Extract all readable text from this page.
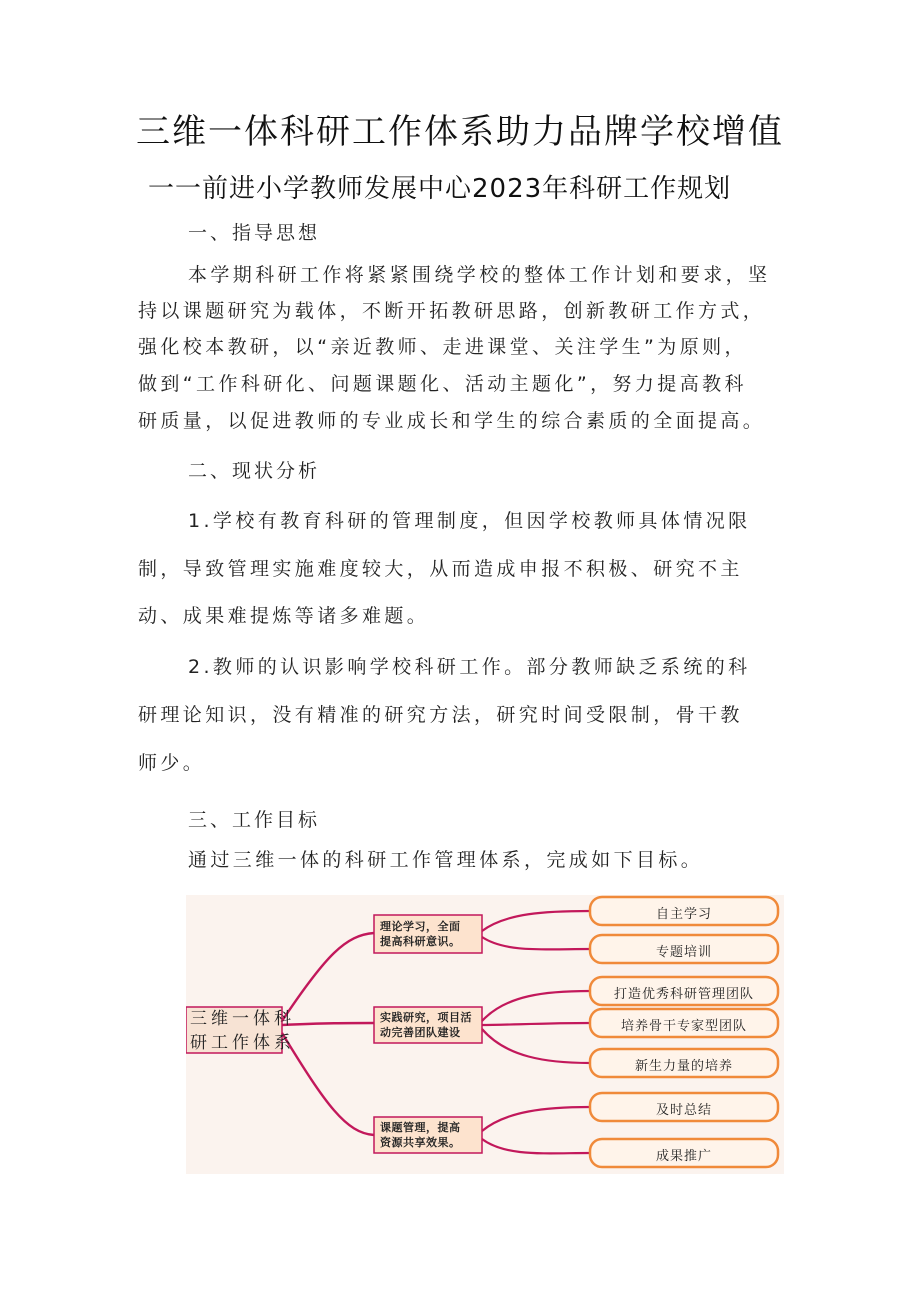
三维一体科研工作体系助力品牌学校增值
一一前进小学教师发展中心2023年科研工作规划
一、指导思想
本学期科研工作将紧紧围绕学校的整体工作计划和要求，坚
持以课题研究为载体，不断开拓教研思路，创新教研工作方式，
强化校本教研，以“亲近教师、走进课堂、关注学生”为原则，
做到“工作科研化、问题课题化、活动主题化”，努力提高教科
研质量，以促进教师的专业成长和学生的综合素质的全面提高。
二、现状分析
1.学校有教育科研的管理制度，但因学校教师具体情况限
制，导致管理实施难度较大，从而造成申报不积极、研究不主
动、成果难提炼等诸多难题。
2.教师的认识影响学校科研工作。部分教师缺乏系统的科
研理论知识，没有精准的研究方法，研究时间受限制，骨干教
师少。
三、工作目标
通过三维一体的科研工作管理体系，完成如下目标。
三维一体科
研工作体系
理论学习，全面
提高科研意识。
实践研究，项目活
动完善团队建设
课题管理，提高
资源共享效果。
自主学习
专题培训
打造优秀科研管理团队
培养骨干专家型团队
新生力量的培养
及时总结
成果推广
